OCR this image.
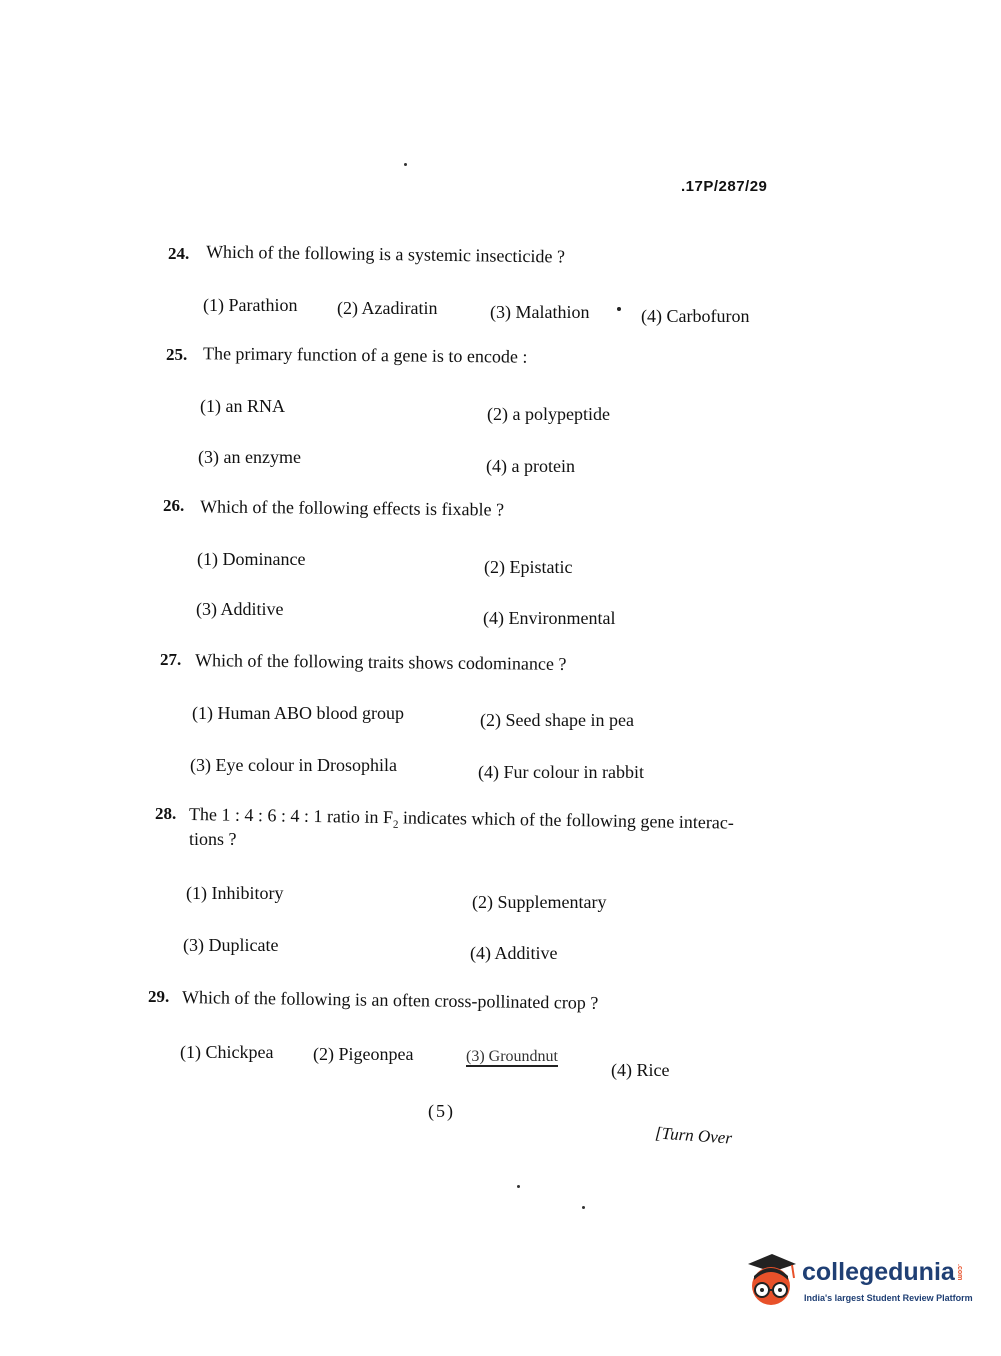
.17P/287/29
24. Which of the following is a systemic insecticide ?
(1) Parathion (2) Azadiratin	(3) Malathion	(4) Carbofuron
25. The primary function of a gene is to encode :
(1) an RNA	(2) a polypeptide
(3) an enzyme	(4) a protein
26. Which of the following effects is fixable ?
(1) Dominance	(2) Epistatic
(3) Additive	(4) Environmental
27. Which of the following traits shows codominance ?
(1) Human ABO blood group	(2) Seed shape in pea
(3) Eye colour in Drosophila	(4) Fur colour in rabbit
28. The 1 : 4 : 6 : 4 : 1 ratio in $F_2$ indicates which of the following gene interac-
tions ?
(1) Inhibitory	(2) Supplementary
(3) Duplicate	(4) Additive
29. Which of the following is an often cross-pollinated crop ?
(1) Chickpea (2) Pigeonpea	(3) Groundnut
(4) Rice
(5)
[Turn Over
collegedunia.com
India's largest Student Review Platform
